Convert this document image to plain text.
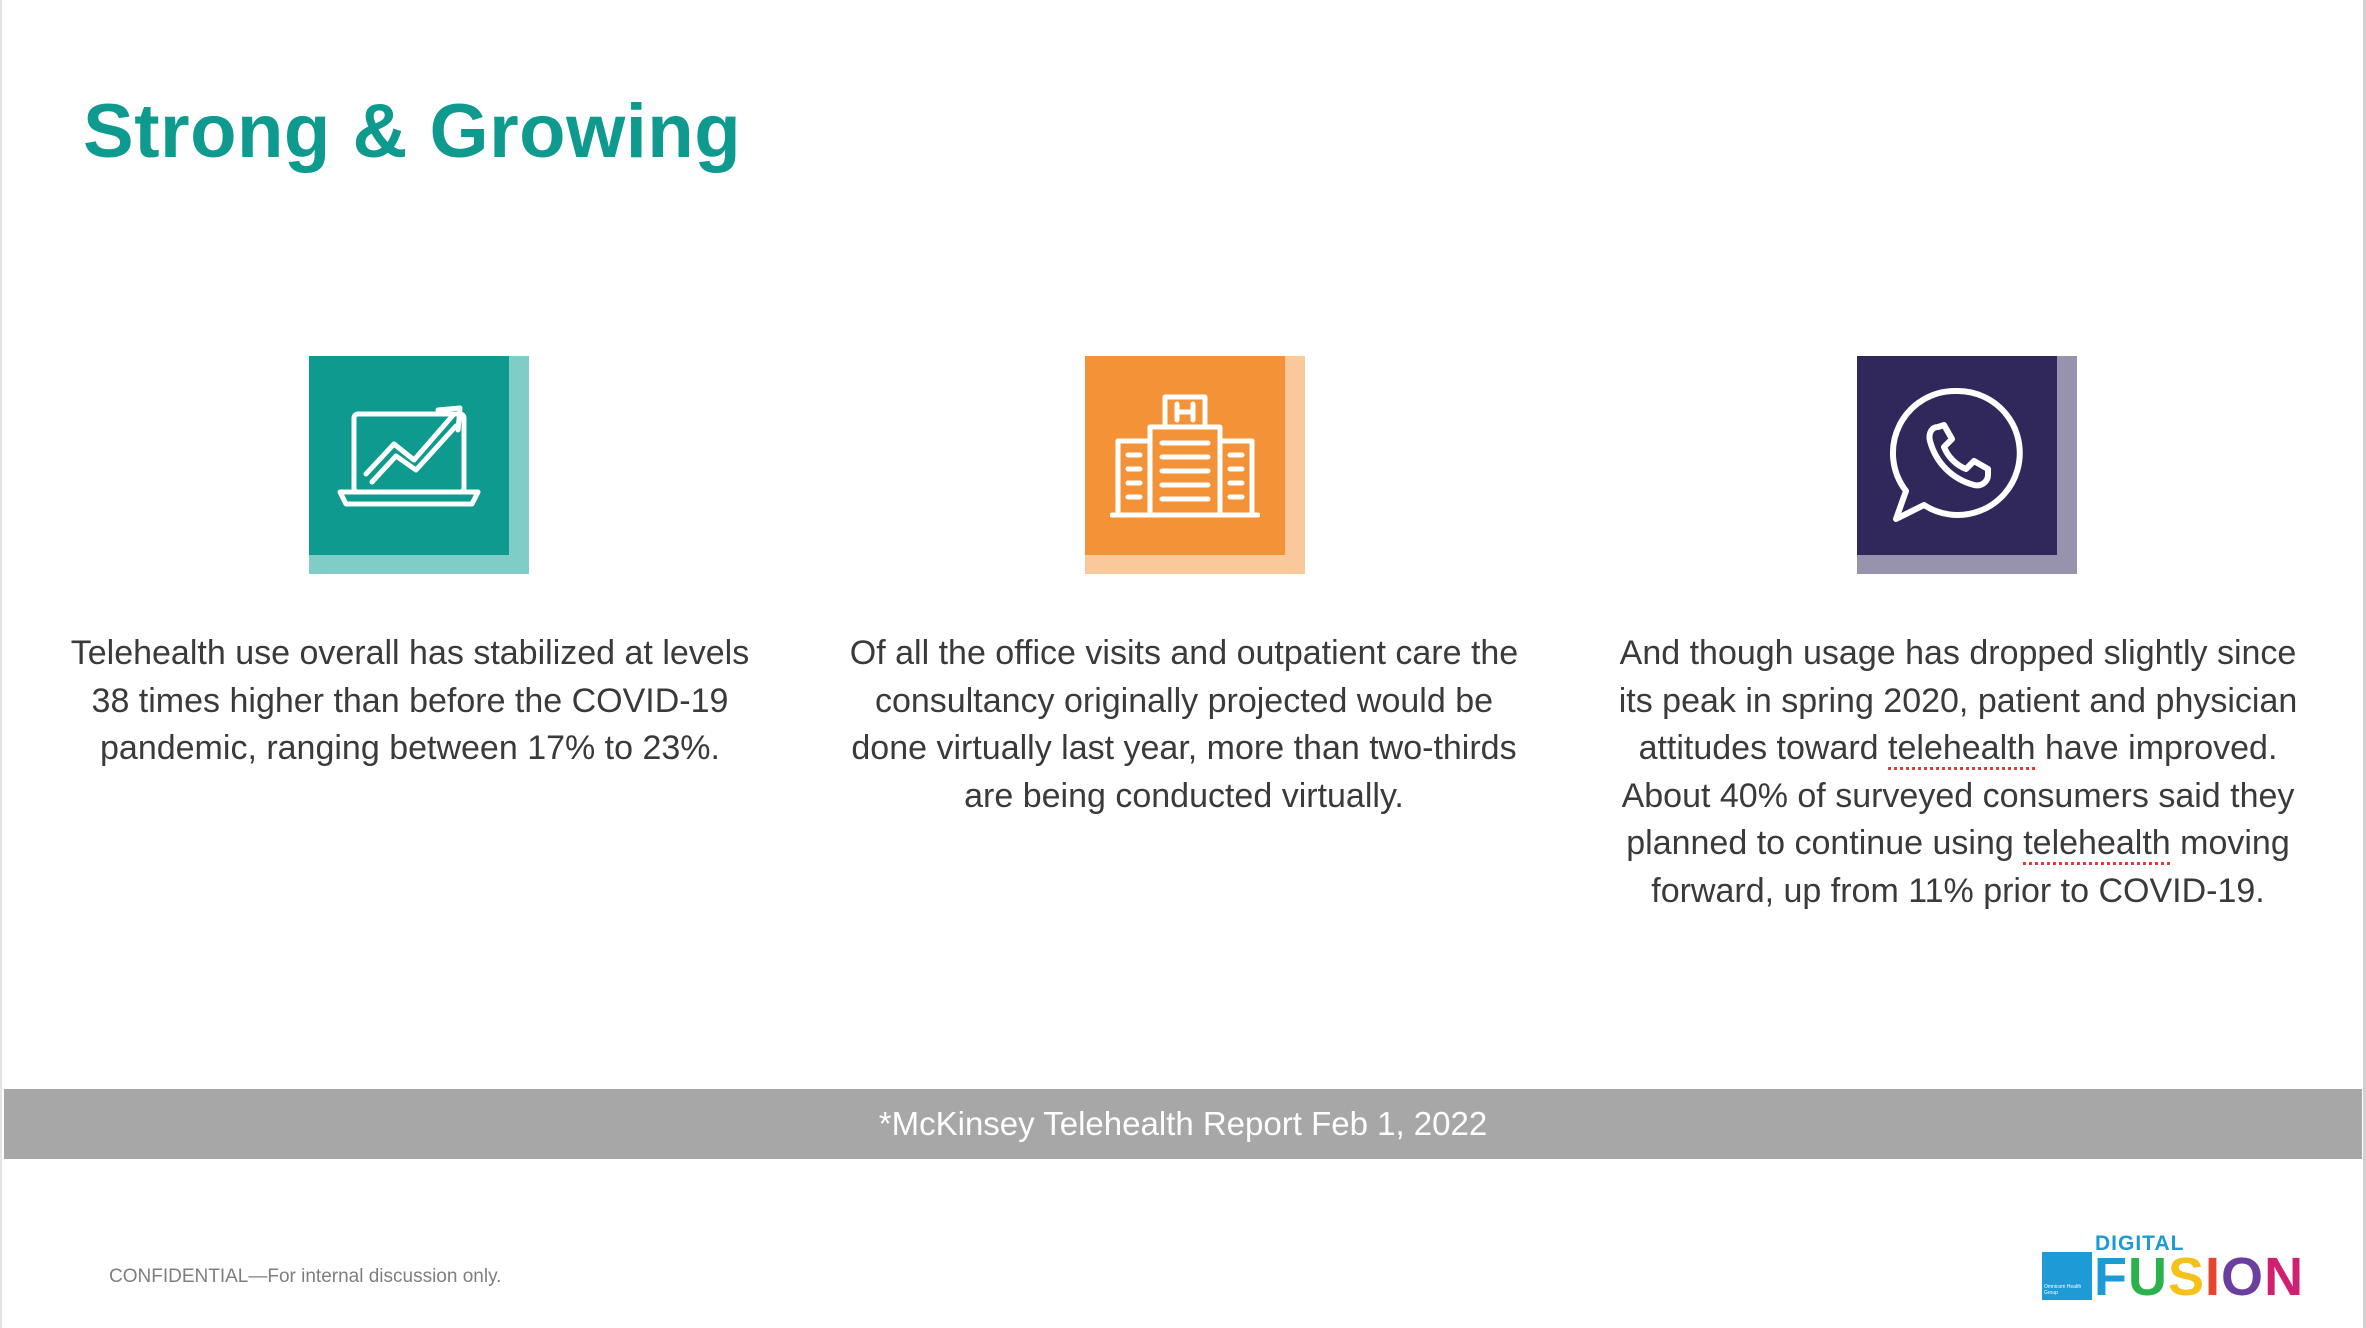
Strong & Growing

Telehealth use overall has stabilized at levels 38 times higher than before the COVID-19 pandemic, ranging between 17% to 23%.

Of all the office visits and outpatient care the consultancy originally projected would be done virtually last year, more than two-thirds are being conducted virtually.

And though usage has dropped slightly since its peak in spring 2020, patient and physician attitudes toward telehealth have improved. About 40% of surveyed consumers said they planned to continue using telehealth moving forward, up from 11% prior to COVID-19.

*McKinsey Telehealth Report Feb 1, 2022
CONFIDENTIAL—For internal discussion only.	Omnicom Health Group
DIGITAL
FUSION
